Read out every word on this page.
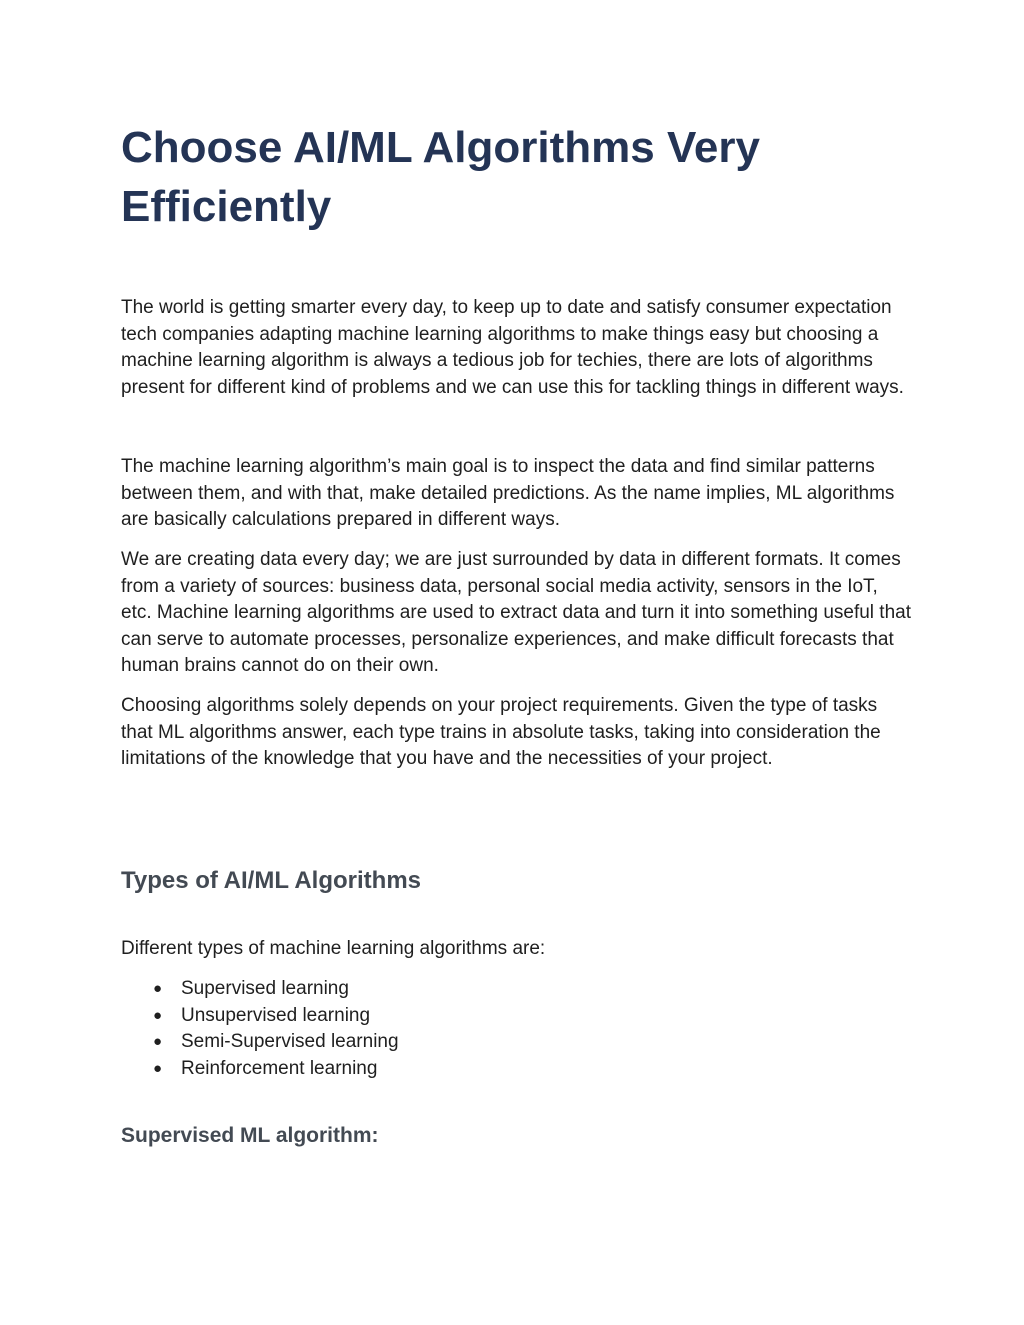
Choose AI/ML Algorithms Very Efficiently

The world is getting smarter every day, to keep up to date and satisfy consumer expectation tech companies adapting machine learning algorithms to make things easy but choosing a machine learning algorithm is always a tedious job for techies, there are lots of algorithms present for different kind of problems and we can use this for tackling things in different ways.

The machine learning algorithm’s main goal is to inspect the data and find similar patterns between them, and with that, make detailed predictions. As the name implies, ML algorithms are basically calculations prepared in different ways.

We are creating data every day; we are just surrounded by data in different formats. It comes from a variety of sources: business data, personal social media activity, sensors in the IoT, etc. Machine learning algorithms are used to extract data and turn it into something useful that can serve to automate processes, personalize experiences, and make difficult forecasts that human brains cannot do on their own.

Choosing algorithms solely depends on your project requirements. Given the type of tasks that ML algorithms answer, each type trains in absolute tasks, taking into consideration the limitations of the knowledge that you have and the necessities of your project.

Types of AI/ML Algorithms

Different types of machine learning algorithms are:

● Supervised learning
● Unsupervised learning
● Semi-Supervised learning
● Reinforcement learning
Supervised ML algorithm:
